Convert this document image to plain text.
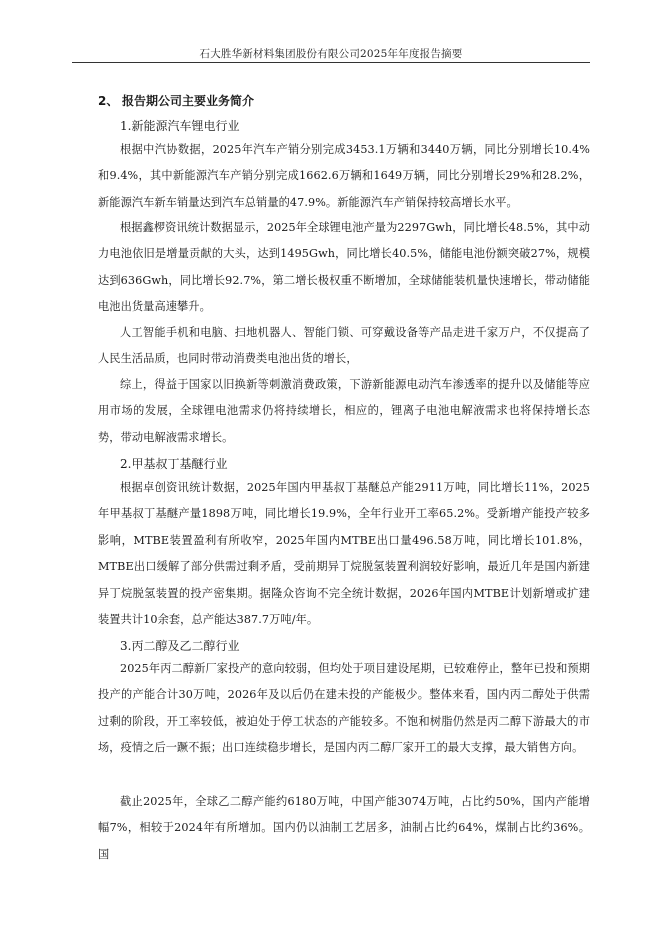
石大胜华新材料集团股份有限公司2025年年度报告摘要
2、 报告期公司主要业务简介
1.新能源汽车锂电行业

根据中汽协数据，2025年汽车产销分别完成3453.1万辆和3440万辆，同比分别增长10.4%和9.4%，其中新能源汽车产销分别完成1662.6万辆和1649万辆，同比分别增长29%和28.2%，新能源汽车新车销量达到汽车总销量的47.9%。新能源汽车产销保持较高增长水平。

根据鑫椤资讯统计数据显示，2025年全球锂电池产量为2297Gwh，同比增长48.5%，其中动力电池依旧是增量贡献的大头，达到1495Gwh，同比增长40.5%，储能电池份额突破27%，规模达到636Gwh，同比增长92.7%，第二增长极权重不断增加，全球储能装机量快速增长，带动储能电池出货量高速攀升。

人工智能手机和电脑、扫地机器人、智能门锁、可穿戴设备等产品走进千家万户，不仅提高了人民生活品质，也同时带动消费类电池出货的增长，

综上，得益于国家以旧换新等刺激消费政策，下游新能源电动汽车渗透率的提升以及储能等应用市场的发展，全球锂电池需求仍将持续增长，相应的，锂离子电池电解液需求也将保持增长态势，带动电解液需求增长。

2.甲基叔丁基醚行业

根据卓创资讯统计数据，2025年国内甲基叔丁基醚总产能2911万吨，同比增长11%，2025年甲基叔丁基醚产量1898万吨，同比增长19.9%，全年行业开工率65.2%。受新增产能投产较多影响，MTBE装置盈利有所收窄，2025年国内MTBE出口量496.58万吨，同比增长101.8%，MTBE出口缓解了部分供需过剩矛盾，受前期异丁烷脱氢装置利润较好影响，最近几年是国内新建异丁烷脱氢装置的投产密集期。据隆众咨询不完全统计数据，2026年国内MTBE计划新增或扩建装置共计10余套，总产能达387.7万吨/年。

3.丙二醇及乙二醇行业

2025年丙二醇新厂家投产的意向较弱，但均处于项目建设尾期，已较难停止，整年已投和预期投产的产能合计30万吨，2026年及以后仍在建未投的产能极少。整体来看，国内丙二醇处于供需过剩的阶段，开工率较低，被迫处于停工状态的产能较多。不饱和树脂仍然是丙二醇下游最大的市场，疫情之后一蹶不振；出口连续稳步增长，是国内丙二醇厂家开工的最大支撑，最大销售方向。

截止2025年，全球乙二醇产能约6180万吨，中国产能3074万吨，占比约50%，国内产能增幅7%，相较于2024年有所增加。国内仍以油制工艺居多，油制占比约64%，煤制占比约36%。国
